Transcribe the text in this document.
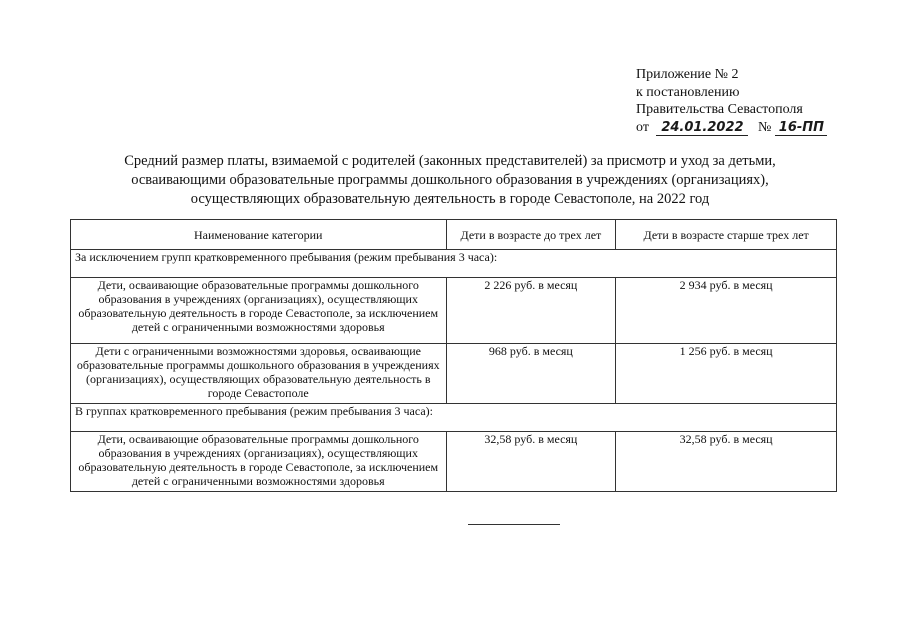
Приложение № 2
к постановлению
Правительства Севастополя
от 24.01.2022 № 16-ПП
Средний размер платы, взимаемой с родителей (законных представителей) за присмотр и уход за детьми,
осваивающими образовательные программы дошкольного образования в учреждениях (организациях),
осуществляющих образовательную деятельность в городе Севастополе, на 2022 год
Наименование категории	Дети в возрасте до трех лет	Дети в возрасте старше трех лет
За исключением групп кратковременного пребывания (режим пребывания 3 часа):		
Дети, осваивающие образовательные программы дошкольного образования в учреждениях (организациях), осуществляющих образовательную деятельность в городе Севастополе, за исключением детей с ограниченными возможностями здоровья	2 226 руб. в месяц	2 934 руб. в месяц
Дети с ограниченными возможностями здоровья, осваивающие образовательные программы дошкольного образования в учреждениях (организациях), осуществляющих образовательную деятельность в городе Севастополе	968 руб. в месяц	1 256 руб. в месяц
В группах кратковременного пребывания (режим пребывания 3 часа):		
Дети, осваивающие образовательные программы дошкольного образования в учреждениях (организациях), осуществляющих образовательную деятельность в городе Севастополе, за исключением детей с ограниченными возможностями здоровья	32,58 руб. в месяц	32,58 руб. в месяц
